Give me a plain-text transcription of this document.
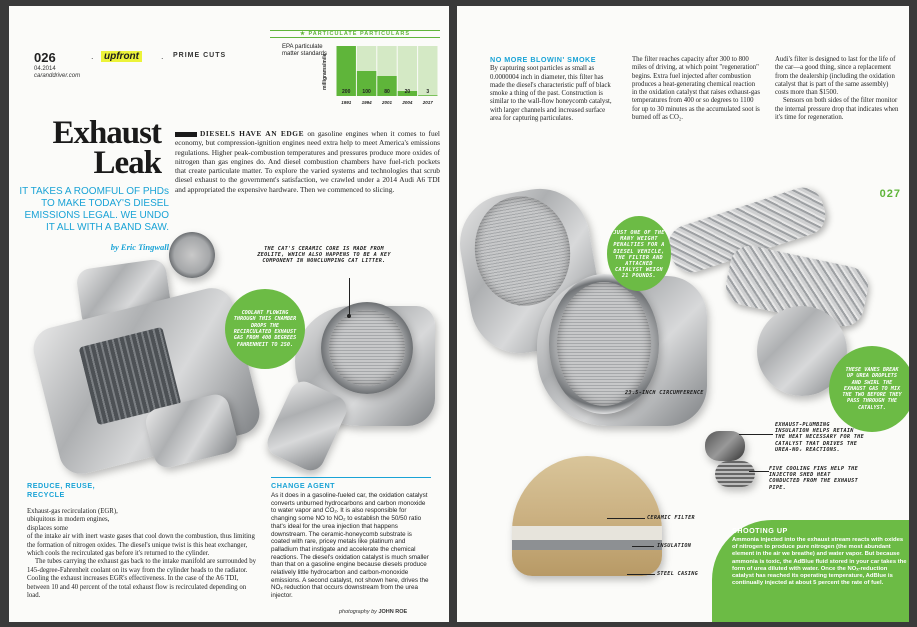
026
04.2014
caranddriver.com
.	upfront	. PRIME CUTS
★ PARTICULATE PARTICULARS
EPA particulate matter standards
milligrams/mile
200
1991
100
1994
80
2001
20
2004
3
2017
Exhaust
Leak
IT TAKES A ROOMFUL OF PHDs TO MAKE TODAY'S DIESEL EMISSIONS LEGAL. WE UNDO IT ALL WITH A BAND SAW.
by Eric Tingwall
DIESELS HAVE AN EDGE on gasoline engines when it comes to fuel economy, but compression-ignition engines need extra help to meet America's emissions regulations. Higher peak-combustion temperatures and pressures produce more oxides of nitrogen than gas engines do. And diesel combustion chambers have fuel-rich pockets that create particulate matter. To explore the varied systems and technologies that scrub diesel exhaust to the government's satisfaction, we crawled under a 2014 Audi A6 TDI and appropriated the expensive hardware. Then we commenced to slicing.
THE CAT'S CERAMIC CORE IS MADE FROM ZEOLITE, WHICH ALSO HAPPENS TO BE A KEY COMPONENT IN NONCLUMPING CAT LITTER.
COOLANT FLOWING THROUGH THIS CHAMBER DROPS THE RECIRCULATED EXHAUST GAS FROM 400 DEGREES FAHRENHEIT TO 250.
REDUCE, REUSE, RECYCLE

Exhaust-gas recirculation (EGR), ubiquitous in modern engines, displaces some
of the intake air with inert waste gases that cool down the combustion, thus limiting the formation of nitrogen oxides. The diesel's unique twist is this heat exchanger, which cools the recirculated gas before it's returned to the cylinder.

The tubes carrying the exhaust gas back to the intake manifold are surrounded by 145-degree-Fahrenheit coolant on its way from the cylinder heads to the radiator. Cooling the exhaust increases EGR's effectiveness. In the case of the A6 TDI, between 10 and 40 percent of the total exhaust flow is recirculated depending on load.

CHANGE AGENT
As it does in a gasoline-fueled car, the oxidation catalyst converts unburned hydrocarbons and carbon monoxide to water vapor and CO₂. It is also responsible for changing some NO to NO₂ to establish the 50/50 ratio that's ideal for the urea injection that happens downstream. The ceramic-honeycomb substrate is coated with rare, pricey metals like platinum and palladium that instigate and accelerate the chemical reactions. The diesel's oxidation catalyst is much smaller than that on a gasoline engine because diesels produce relatively little hydrocarbon and carbon-monoxide emissions. A second catalyst, not shown here, drives the NOₓ reduction that occurs downstream from the urea injector.
photography by JOHN ROE
NO MORE BLOWIN' SMOKE

By capturing soot particles as small as 0.0000004 inch in diameter, this filter has made the diesel's characteristic puff of black smoke a thing of the past. Construction is similar to the wall-flow honeycomb catalyst, with larger channels and increased surface area for capturing particulates.

The filter reaches capacity after 300 to 800 miles of driving, at which point "regeneration" begins. Extra fuel injected after combustion produces a heat-generating chemical reaction in the oxidation catalyst that raises exhaust-gas temperatures from 400 or so degrees to 1100 for up to 30 minutes as the accumulated soot is burned off as CO₂.

Audi's filter is designed to last for the life of the car—a good thing, since a replacement from the dealership (including the oxidation catalyst that is part of the same assembly) costs more than $1500.

Sensors on both sides of the filter monitor the internal pressure drop that indicates when it's time for regeneration.

027
JUST ONE OF THE MANY WEIGHT PENALTIES FOR A DIESEL VEHICLE, THE FILTER AND ATTACHED CATALYST WEIGH 21 POUNDS.
23.5-INCH CIRCUMFERENCE
THESE VANES BREAK UP UREA DROPLETS AND SWIRL THE EXHAUST GAS TO MIX THE TWO BEFORE THEY PASS THROUGH THE CATALYST.
EXHAUST-PLUMBING INSULATION HELPS RETAIN THE HEAT NECESSARY FOR THE CATALYST THAT DRIVES THE UREA-NOₓ REACTIONS.
FIVE COOLING FINS HELP THE INJECTOR SHED HEAT CONDUCTED FROM THE EXHAUST PIPE.
CERAMIC FILTER
INSULATION
STEEL CASING
SHOOTING UP
Ammonia injected into the exhaust stream reacts with oxides of nitrogen to produce pure nitrogen (the most abundant element in the air we breathe) and water vapor. But because ammonia is toxic, the AdBlue fluid stored in your car takes the form of urea diluted with water. Once the NOₓ-reduction catalyst has reached its operating temperature, AdBlue is continually injected at about 5 percent the rate of fuel.
